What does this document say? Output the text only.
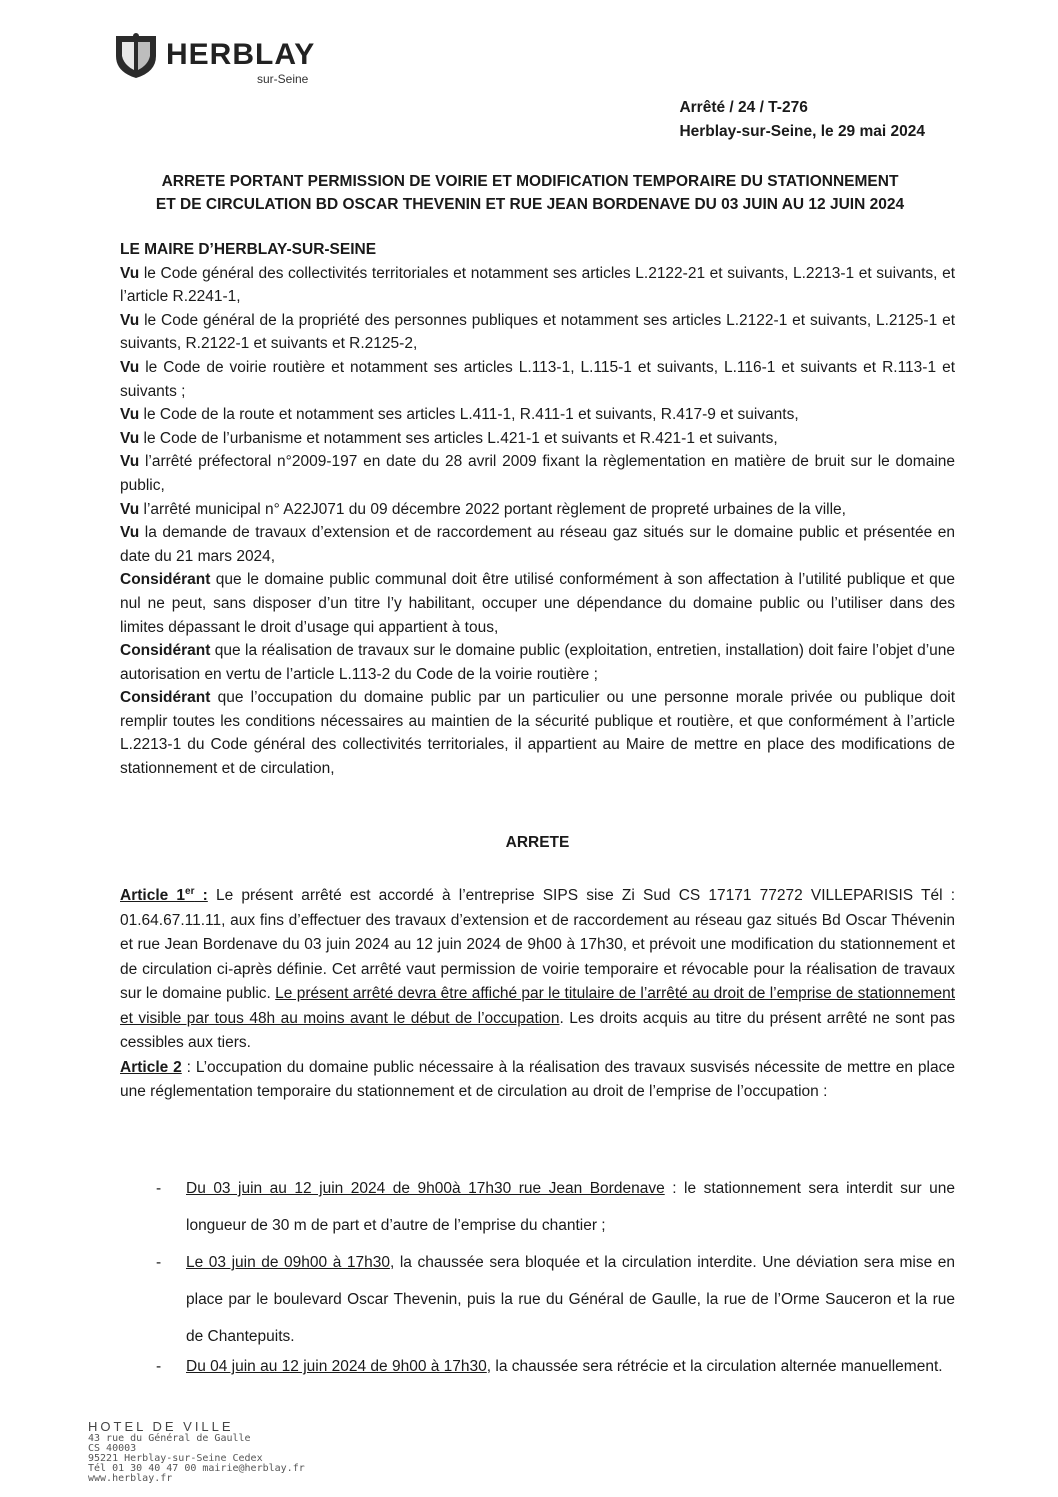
HERBLAY
sur-Seine
Arrêté / 24 / T-276
Herblay-sur-Seine, le 29 mai 2024
ARRETE PORTANT PERMISSION DE VOIRIE ET MODIFICATION TEMPORAIRE DU STATIONNEMENT
ET DE CIRCULATION BD OSCAR THEVENIN ET RUE JEAN BORDENAVE DU 03 JUIN AU 12 JUIN 2024
LE MAIRE D’HERBLAY-SUR-SEINE
Vu le Code général des collectivités territoriales et notamment ses articles L.2122-21 et suivants, L.2213-1 et suivants, et l’article R.2241-1,
Vu le Code général de la propriété des personnes publiques et notamment ses articles L.2122-1 et suivants, L.2125-1 et suivants, R.2122-1 et suivants et R.2125-2,
Vu le Code de voirie routière et notamment ses articles L.113-1, L.115-1 et suivants, L.116-1 et suivants et R.113-1 et suivants ;
Vu le Code de la route et notamment ses articles L.411-1, R.411-1 et suivants, R.417-9 et suivants,
Vu le Code de l’urbanisme et notamment ses articles L.421-1 et suivants et R.421-1 et suivants,
Vu l’arrêté préfectoral n°2009-197 en date du 28 avril 2009 fixant la règlementation en matière de bruit sur le domaine public,
Vu l’arrêté municipal n° A22J071 du 09 décembre 2022 portant règlement de propreté urbaines de la ville,
Vu la demande de travaux d’extension et de raccordement au réseau gaz situés sur le domaine public et présentée en date du 21 mars 2024,
Considérant que le domaine public communal doit être utilisé conformément à son affectation à l’utilité publique et que nul ne peut, sans disposer d’un titre l’y habilitant, occuper une dépendance du domaine public ou l’utiliser dans des limites dépassant le droit d’usage qui appartient à tous,
Considérant que la réalisation de travaux sur le domaine public (exploitation, entretien, installation) doit faire l’objet d’une autorisation en vertu de l’article L.113-2 du Code de la voirie routière ;
Considérant que l’occupation du domaine public par un particulier ou une personne morale privée ou publique doit remplir toutes les conditions nécessaires au maintien de la sécurité publique et routière, et que conformément à l’article L.2213-1 du Code général des collectivités territoriales, il appartient au Maire de mettre en place des modifications de stationnement et de circulation,
ARRETE
Article 1er : Le présent arrêté est accordé à l’entreprise SIPS sise Zi Sud CS 17171 77272 VILLEPARISIS Tél : 01.64.67.11.11, aux fins d’effectuer des travaux d’extension et de raccordement au réseau gaz situés Bd Oscar Thévenin et rue Jean Bordenave du 03 juin 2024 au 12 juin 2024 de 9h00 à 17h30, et prévoit une modification du stationnement et de circulation ci-après définie. Cet arrêté vaut permission de voirie temporaire et révocable pour la réalisation de travaux sur le domaine public. Le présent arrêté devra être affiché par le titulaire de l’arrêté au droit de l’emprise de stationnement et visible par tous 48h au moins avant le début de l’occupation. Les droits acquis au titre du présent arrêté ne sont pas cessibles aux tiers.
Article 2 : L’occupation du domaine public nécessaire à la réalisation des travaux susvisés nécessite de mettre en place une réglementation temporaire du stationnement et de circulation au droit de l’emprise de l’occupation :
- Du 03 juin au 12 juin 2024 de 9h00à 17h30 rue Jean Bordenave : le stationnement sera interdit sur une longueur de 30 m de part et d’autre de l’emprise du chantier ;
- Le 03 juin de 09h00 à 17h30, la chaussée sera bloquée et la circulation interdite. Une déviation sera mise en place par le boulevard Oscar Thevenin, puis la rue du Général de Gaulle, la rue de l’Orme Sauceron et la rue de Chantepuits.
- Du 04 juin au 12 juin 2024 de 9h00 à 17h30, la chaussée sera rétrécie et la circulation alternée manuellement.
HOTEL DE VILLE
43 rue du Général de Gaulle
CS 40003
95221 Herblay-sur-Seine Cedex
Tél 01 30 40 47 00 mairie@herblay.fr
www.herblay.fr
